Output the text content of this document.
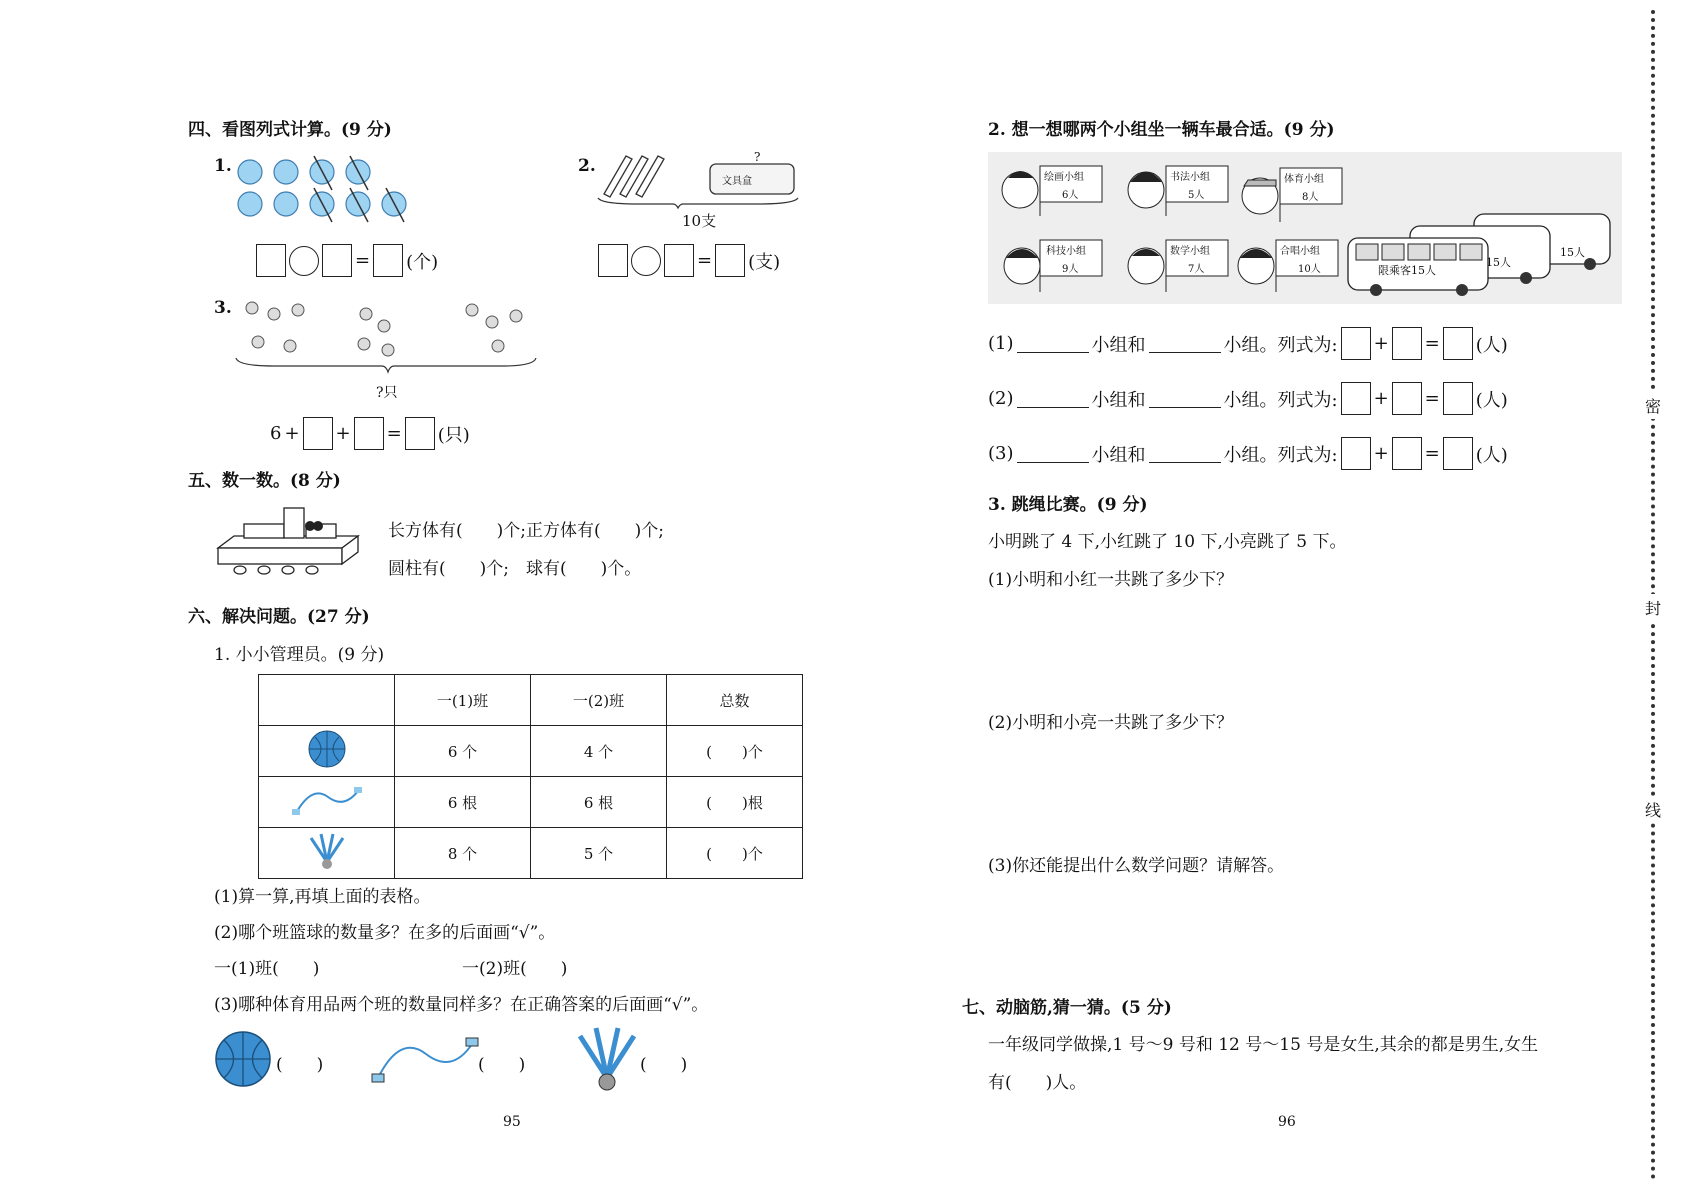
四、看图列式计算。(9 分)
1.
= (个)
2.	?
文具盒
10支
= (支)
3.
?只
6 + + = (只)
五、数一数。(8 分)
长方体有(　　)个;正方体有(　　)个;
圆柱有(　　)个;　球有(　　)个。
六、解决问题。(27 分)
1. 小小管理员。(9 分)
	一(1)班	一(2)班	总数
	6 个	4 个	(　　)个
	6 根	6 根	(　　)根
	8 个	5 个	(　　)个
(1)算一算,再填上面的表格。
(2)哪个班篮球的数量多？在多的后面画“√”。
一(1)班(　　)	一(2)班(　　)
(3)哪种体育用品两个班的数量同样多？在正确答案的后面画“√”。
(　　)	(　　)	(　　)
95
2. 想一想哪两个小组坐一辆车最合适。(9 分)
绘画小组
6人
书法小组
5人
体育小组
8人
科技小组
9人
数学小组
7人
合唱小组
10人	限乘客15人
15人
15人
(1)	小组和	小组。列式为: + = (人)
(2)	小组和	小组。列式为: + = (人)
(3)	小组和	小组。列式为: + = (人)
3. 跳绳比赛。(9 分)
小明跳了 4 下,小红跳了 10 下,小亮跳了 5 下。
(1)小明和小红一共跳了多少下？
(2)小明和小亮一共跳了多少下？
(3)你还能提出什么数学问题？请解答。
七、动脑筋,猜一猜。(5 分)
一年级同学做操,1 号～9 号和 12 号～15 号是女生,其余的都是男生,女生
有(　　)人。
96
密
封
线
